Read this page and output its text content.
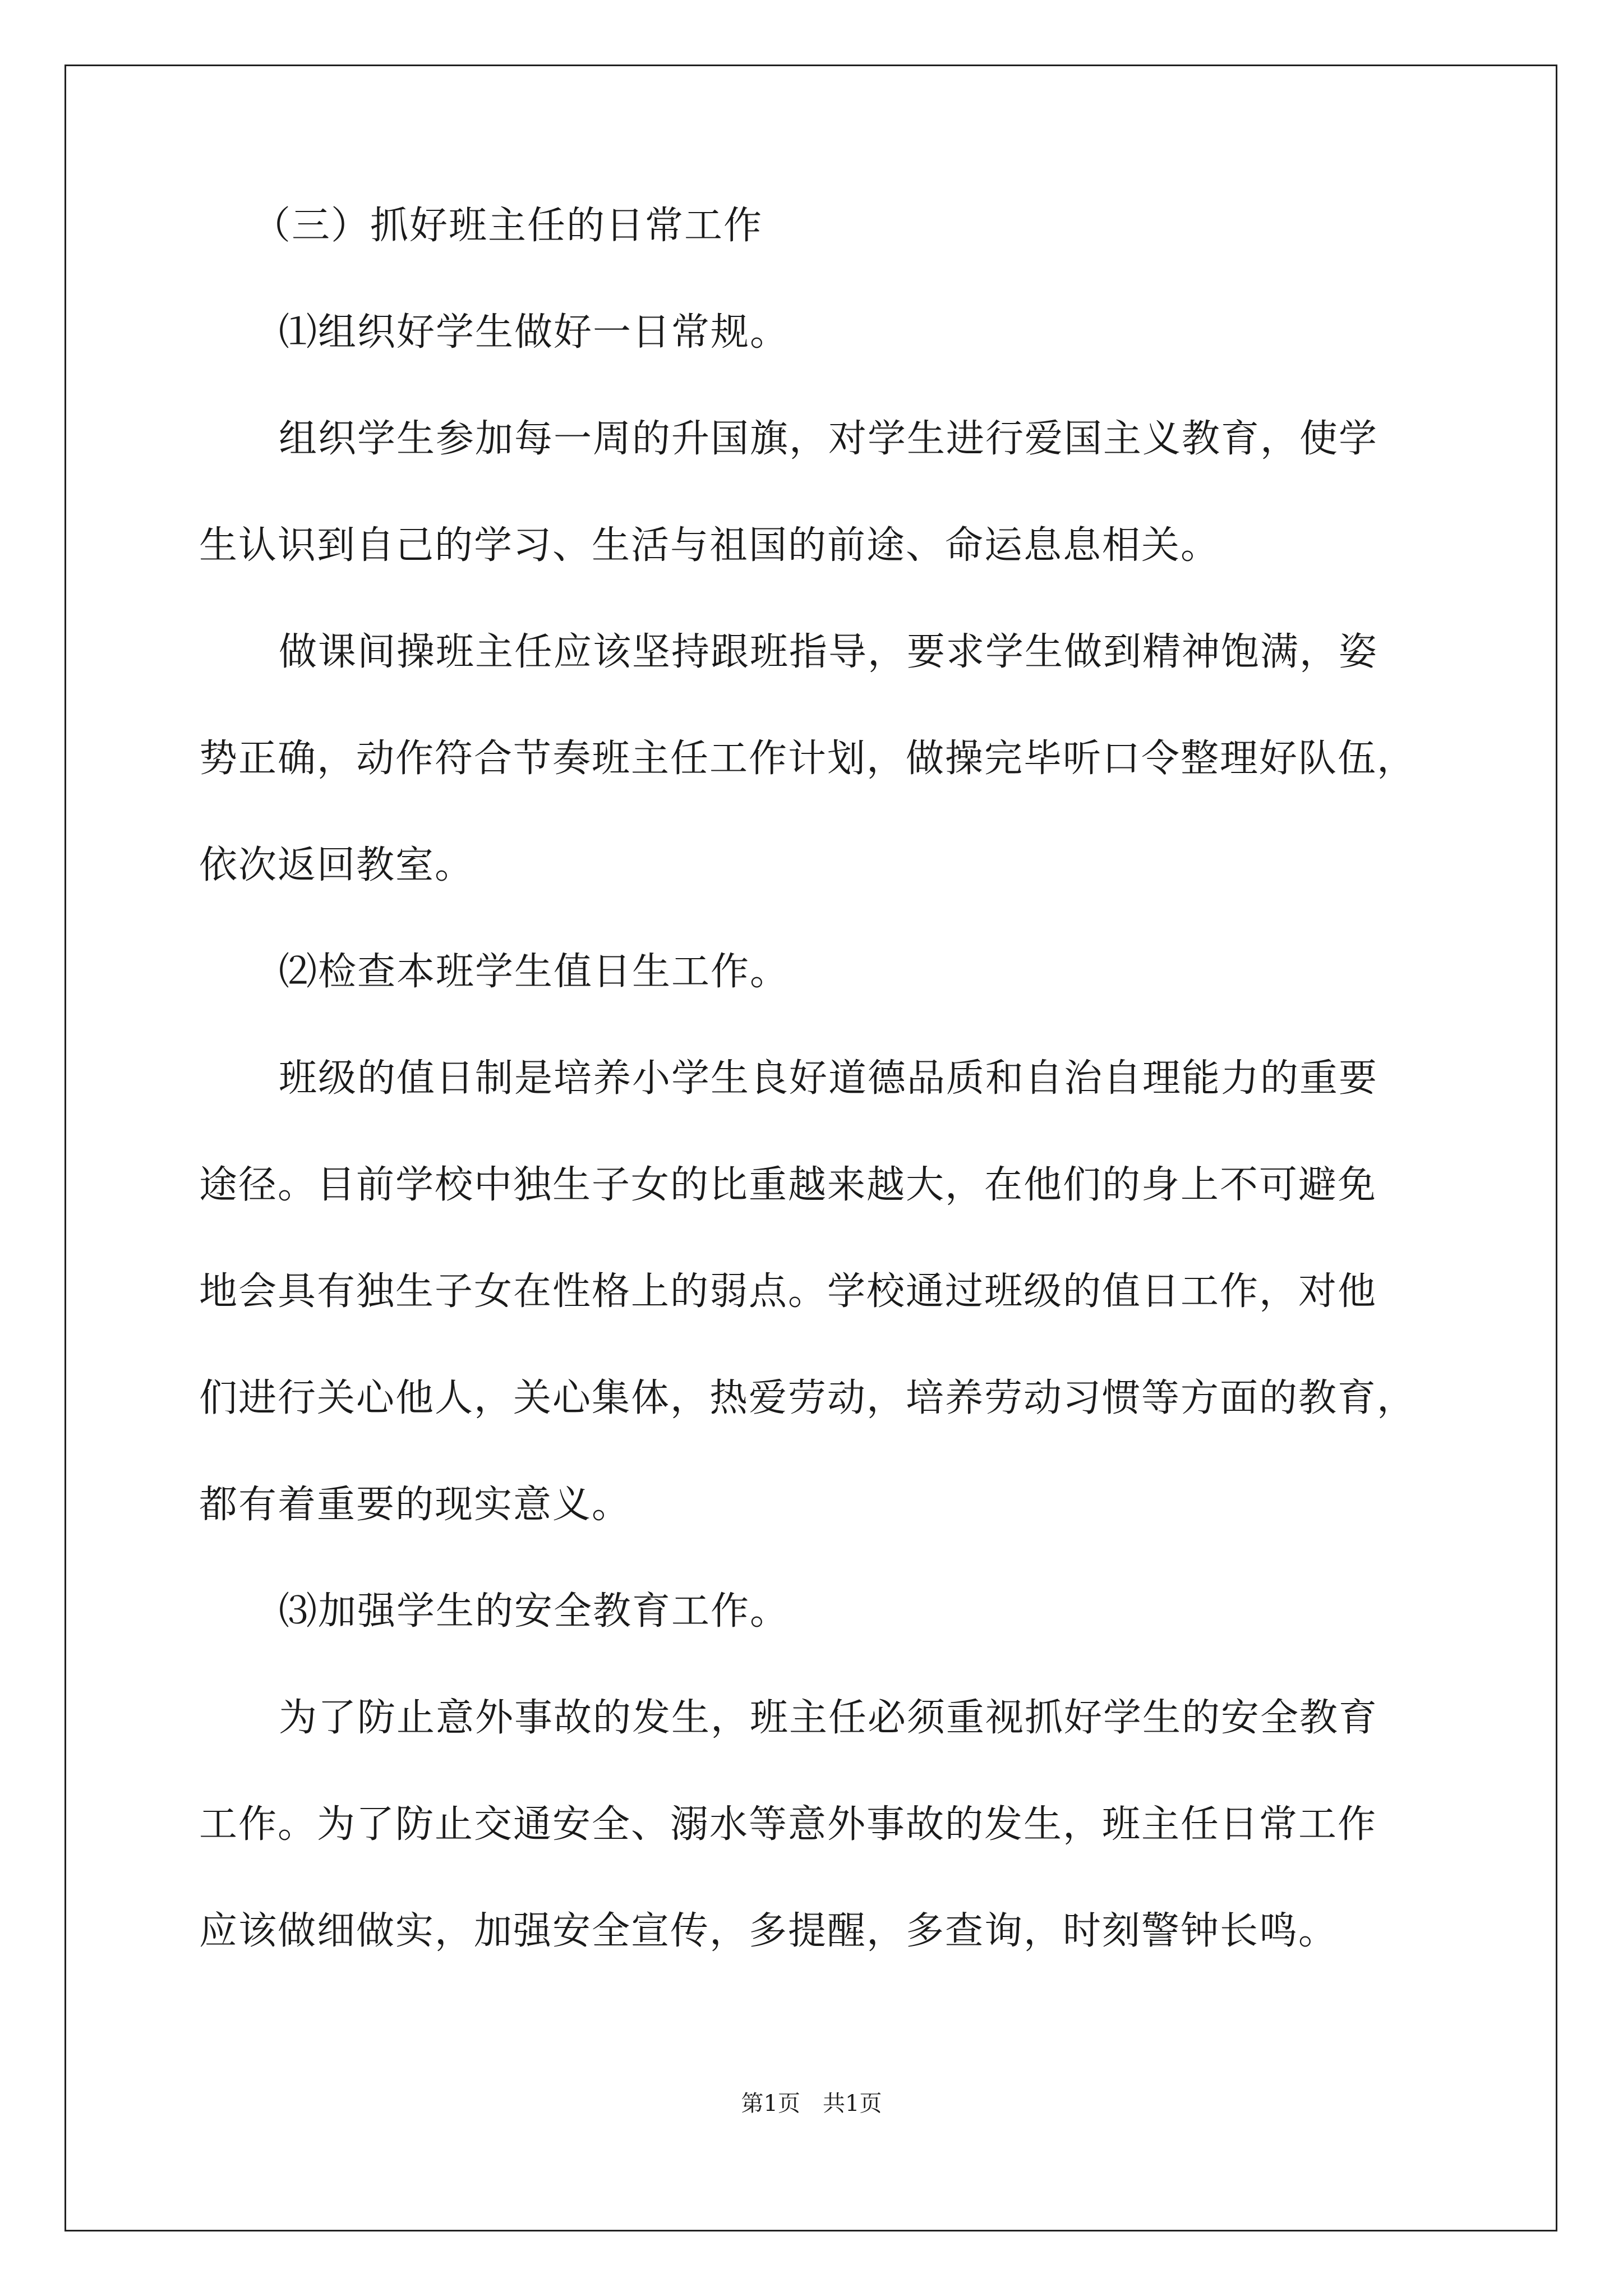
（三）抓好班主任的日常工作
⑴组织好学生做好一日常规。
组织学生参加每一周的升国旗，对学生进行爱国主义教育，使学
生认识到自己的学习、生活与祖国的前途、命运息息相关。
做课间操班主任应该坚持跟班指导，要求学生做到精神饱满，姿
势正确，动作符合节奏班主任工作计划，做操完毕听口令整理好队伍，
依次返回教室。
⑵检查本班学生值日生工作。
班级的值日制是培养小学生良好道德品质和自治自理能力的重要
途径。目前学校中独生子女的比重越来越大，在他们的身上不可避免
地会具有独生子女在性格上的弱点。学校通过班级的值日工作，对他
们进行关心他人，关心集体，热爱劳动，培养劳动习惯等方面的教育，
都有着重要的现实意义。
⑶加强学生的安全教育工作。
为了防止意外事故的发生，班主任必须重视抓好学生的安全教育
工作。为了防止交通安全、溺水等意外事故的发生，班主任日常工作
应该做细做实，加强安全宣传，多提醒，多查询，时刻警钟长鸣。
第1页　共1页
